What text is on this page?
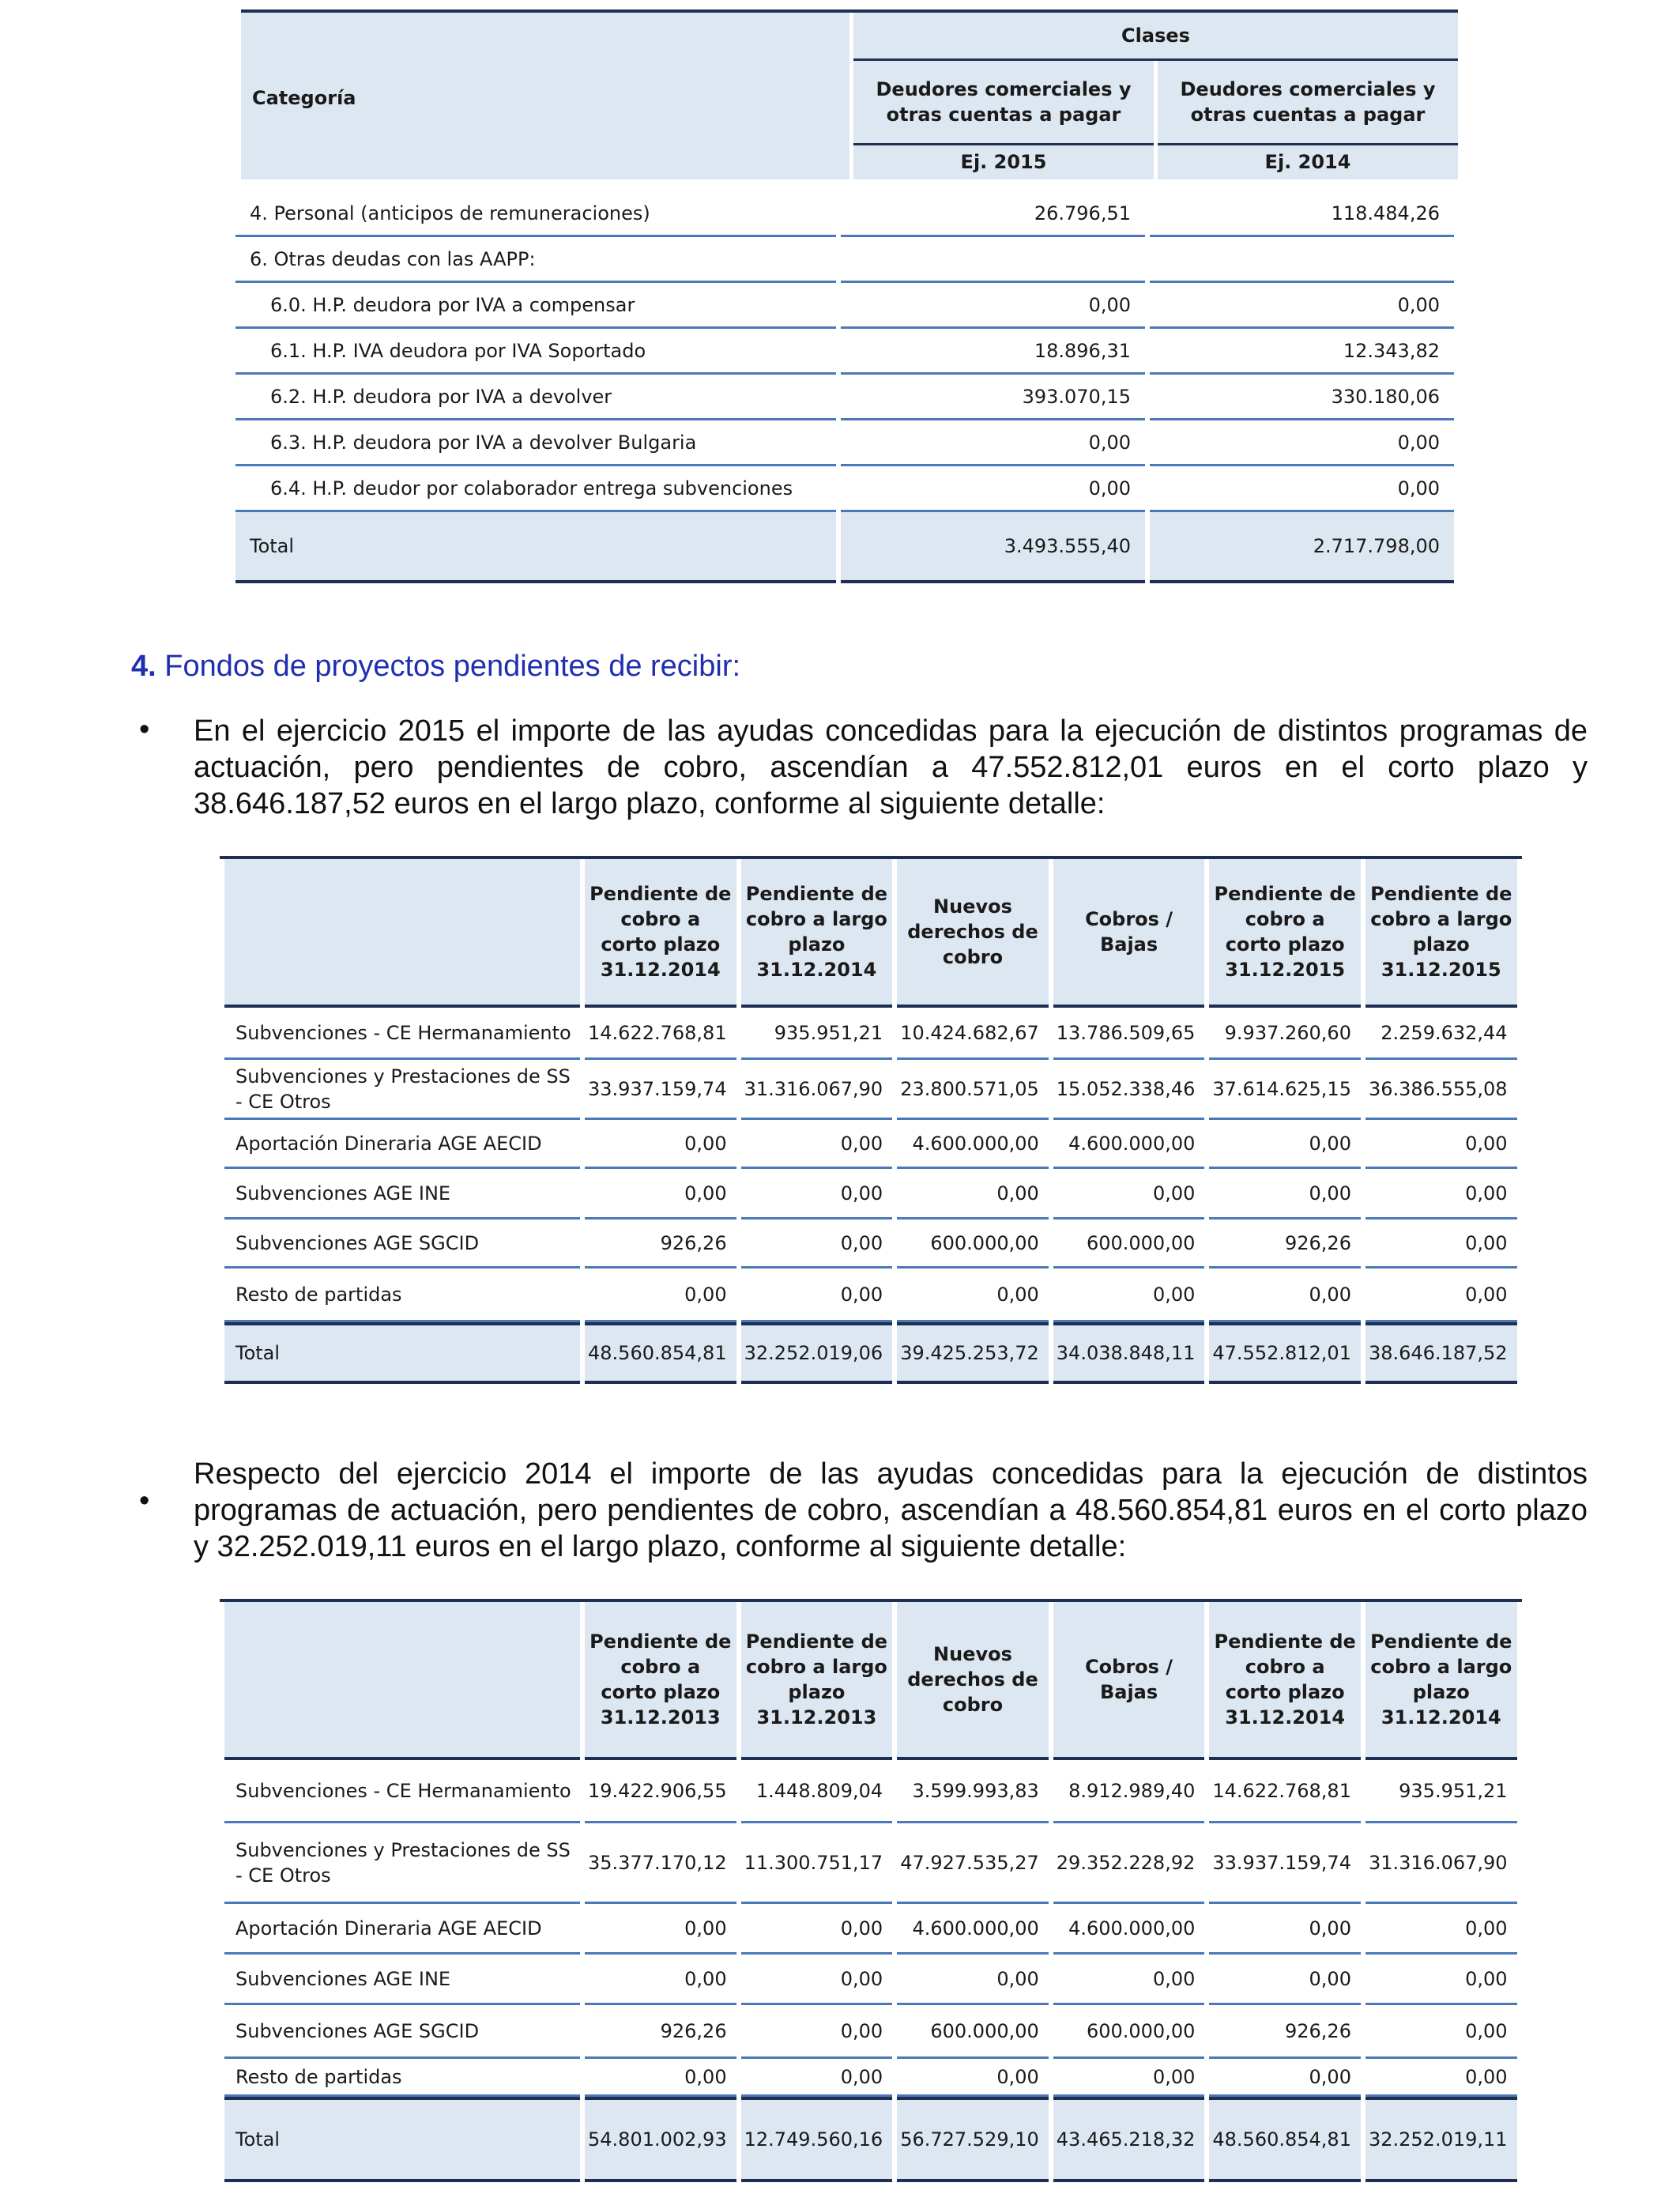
Categoría
Clases
Deudores comerciales y otras cuentas a pagar
Deudores comerciales y otras cuentas a pagar
Ej. 2015	Ej. 2014
4. Personal (anticipos de remuneraciones)	26.796,51	118.484,26
6. Otras deudas con las AAPP:		
6.0. H.P. deudora por IVA a compensar	0,00	0,00
6.1. H.P. IVA deudora por IVA Soportado	18.896,31	12.343,82
6.2. H.P. deudora por IVA a devolver	393.070,15	330.180,06
6.3. H.P. deudora por IVA a devolver Bulgaria	0,00	0,00
6.4. H.P. deudor por colaborador entrega subvenciones	0,00	0,00
Total	3.493.555,40	2.717.798,00
4. Fondos de proyectos pendientes de recibir:
• En el ejercicio 2015 el importe de las ayudas concedidas para la ejecución de distintos programas de actuación, pero pendientes de cobro, ascendían a 47.552.812,01 euros en el corto plazo y 38.646.187,52 euros en el largo plazo, conforme al siguiente detalle:
	Pendiente de cobro a corto plazo 31.12.2014	Pendiente de cobro a largo plazo 31.12.2014	Nuevos derechos de cobro	Cobros / Bajas	Pendiente de cobro a corto plazo 31.12.2015	Pendiente de cobro a largo plazo 31.12.2015
Subvenciones - CE Hermanamiento	14.622.768,81	935.951,21	10.424.682,67	13.786.509,65	9.937.260,60	2.259.632,44
Subvenciones y Prestaciones de SS - CE Otros	33.937.159,74	31.316.067,90	23.800.571,05	15.052.338,46	37.614.625,15	36.386.555,08
Aportación Dineraria AGE AECID	0,00	0,00	4.600.000,00	4.600.000,00	0,00	0,00
Subvenciones AGE INE	0,00	0,00	0,00	0,00	0,00	0,00
Subvenciones AGE SGCID	926,26	0,00	600.000,00	600.000,00	926,26	0,00
Resto de partidas	0,00	0,00	0,00	0,00	0,00	0,00
Total	48.560.854,81	32.252.019,06	39.425.253,72	34.038.848,11	47.552.812,01	38.646.187,52
•
Respecto del ejercicio 2014 el importe de las ayudas concedidas para la ejecución de distintos programas de actuación, pero pendientes de cobro, ascendían a 48.560.854,81 euros en el corto plazo y 32.252.019,11 euros en el largo plazo, conforme al siguiente detalle:
	Pendiente de cobro a corto plazo 31.12.2013	Pendiente de cobro a largo plazo 31.12.2013	Nuevos derechos de cobro	Cobros / Bajas	Pendiente de cobro a corto plazo 31.12.2014	Pendiente de cobro a largo plazo 31.12.2014
Subvenciones - CE Hermanamiento	19.422.906,55	1.448.809,04	3.599.993,83	8.912.989,40	14.622.768,81	935.951,21
Subvenciones y Prestaciones de SS - CE Otros	35.377.170,12	11.300.751,17	47.927.535,27	29.352.228,92	33.937.159,74	31.316.067,90
Aportación Dineraria AGE AECID	0,00	0,00	4.600.000,00	4.600.000,00	0,00	0,00
Subvenciones AGE INE	0,00	0,00	0,00	0,00	0,00	0,00
Subvenciones AGE SGCID	926,26	0,00	600.000,00	600.000,00	926,26	0,00
Resto de partidas	0,00	0,00	0,00	0,00	0,00	0,00
Total	54.801.002,93	12.749.560,16	56.727.529,10	43.465.218,32	48.560.854,81	32.252.019,11
